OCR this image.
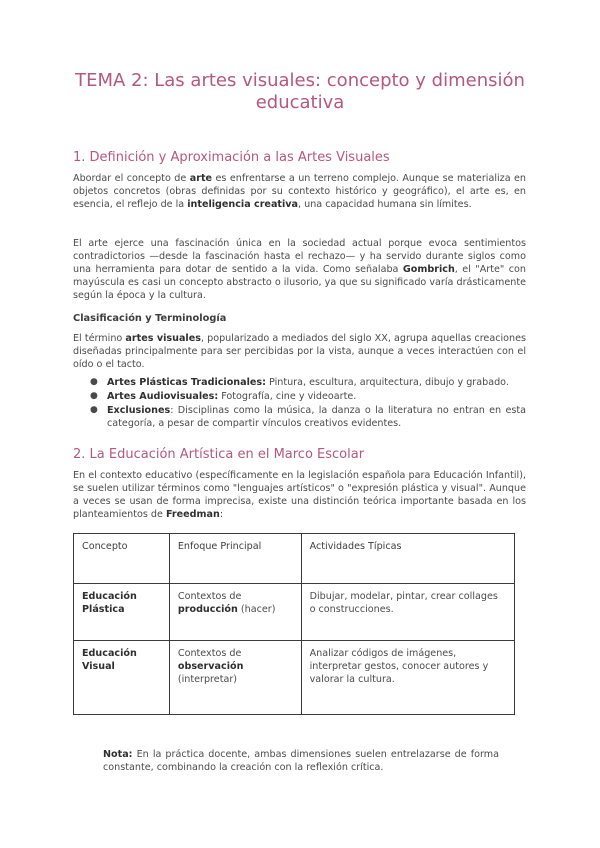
TEMA 2: Las artes visuales: concepto y dimensión educativa
1. Definición y Aproximación a las Artes Visuales

Abordar el concepto de arte es enfrentarse a un terreno complejo. Aunque se materializa en objetos concretos (obras definidas por su contexto histórico y geográfico), el arte es, en esencia, el reflejo de la inteligencia creativa, una capacidad humana sin límites.

El arte ejerce una fascinación única en la sociedad actual porque evoca sentimientos contradictorios —desde la fascinación hasta el rechazo— y ha servido durante siglos como una herramienta para dotar de sentido a la vida. Como señalaba Gombrich, el "Arte" con mayúscula es casi un concepto abstracto o ilusorio, ya que su significado varía drásticamente según la época y la cultura.

Clasificación y Terminología

El término artes visuales, popularizado a mediados del siglo XX, agrupa aquellas creaciones diseñadas principalmente para ser percibidas por la vista, aunque a veces interactúen con el oído o el tacto.

● Artes Plásticas Tradicionales: Pintura, escultura, arquitectura, dibujo y grabado.
● Artes Audiovisuales: Fotografía, cine y videoarte.
● Exclusiones: Disciplinas como la música, la danza o la literatura no entran en esta categoría, a pesar de compartir vínculos creativos evidentes.
2. La Educación Artística en el Marco Escolar

En el contexto educativo (específicamente en la legislación española para Educación Infantil), se suelen utilizar términos como "lenguajes artísticos" o "expresión plástica y visual". Aunque a veces se usan de forma imprecisa, existe una distinción teórica importante basada en los planteamientos de Freedman:

Concepto	Enfoque Principal	Actividades Típicas
Educación Plástica	Contextos de producción (hacer)	Dibujar, modelar, pintar, crear collages o construcciones.
Educación Visual	Contextos de observación (interpretar)	Analizar códigos de imágenes, interpretar gestos, conocer autores y valorar la cultura.

Nota: En la práctica docente, ambas dimensiones suelen entrelazarse de forma constante, combinando la creación con la reflexión crítica.
